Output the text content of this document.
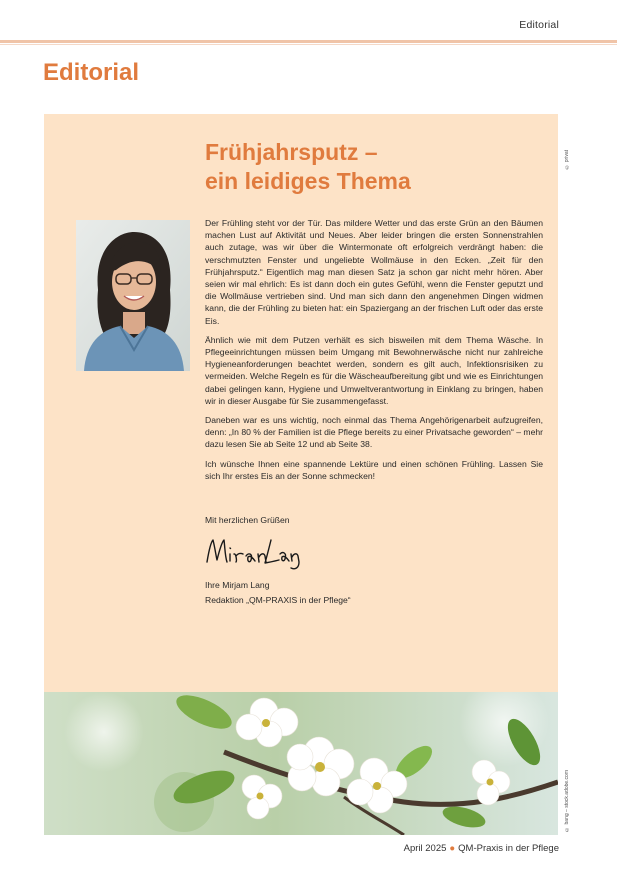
Editorial
Editorial
Frühjahrsputz –
ein leidiges Thema

Der Frühling steht vor der Tür. Das mildere Wetter und das erste Grün an den Bäumen machen Lust auf Aktivität und Neues. Aber leider bringen die ersten Sonnenstrahlen auch zutage, was wir über die Wintermonate oft erfolgreich verdrängt haben: die verschmutzten Fenster und ungeliebte Wollmäuse in den Ecken. „Zeit für den Frühjahrsputz.“ Eigentlich mag man diesen Satz ja schon gar nicht mehr hören. Aber seien wir mal ehrlich: Es ist dann doch ein gutes Gefühl, wenn die Fenster geputzt und die Wollmäuse vertrieben sind. Und man sich dann den angenehmen Dingen widmen kann, die der Frühling zu bieten hat: ein Spaziergang an der frischen Luft oder das erste Eis.

Ähnlich wie mit dem Putzen verhält es sich bisweilen mit dem Thema Wäsche. In Pflegeeinrichtungen müssen beim Umgang mit Bewohnerwäsche nicht nur zahlreiche Hygieneanforderungen beachtet werden, sondern es gilt auch, Infektionsrisiken zu vermeiden. Welche Regeln es für die Wäscheaufbereitung gibt und wie es Einrichtungen dabei gelingen kann, Hygiene und Umweltverantwortung in Einklang zu bringen, haben wir in dieser Ausgabe für Sie zusammengefasst.

Daneben war es uns wichtig, noch einmal das Thema Angehörigenarbeit aufzugreifen, denn: „In 80 % der Familien ist die Pflege bereits zu einer Privatsache geworden“ – mehr dazu lesen Sie ab Seite 12 und ab Seite 38.

Ich wünsche Ihnen eine spannende Lektüre und einen schönen Frühling. Lassen Sie sich Ihr erstes Eis an der Sonne schmecken!

Mit herzlichen Grüßen
Ihre Mirjam Lang
Redaktion „QM-PRAXIS in der Pflege“
© privat
© bang – stock.adobe.com
April 2025 ● QM-Praxis in der Pflege
